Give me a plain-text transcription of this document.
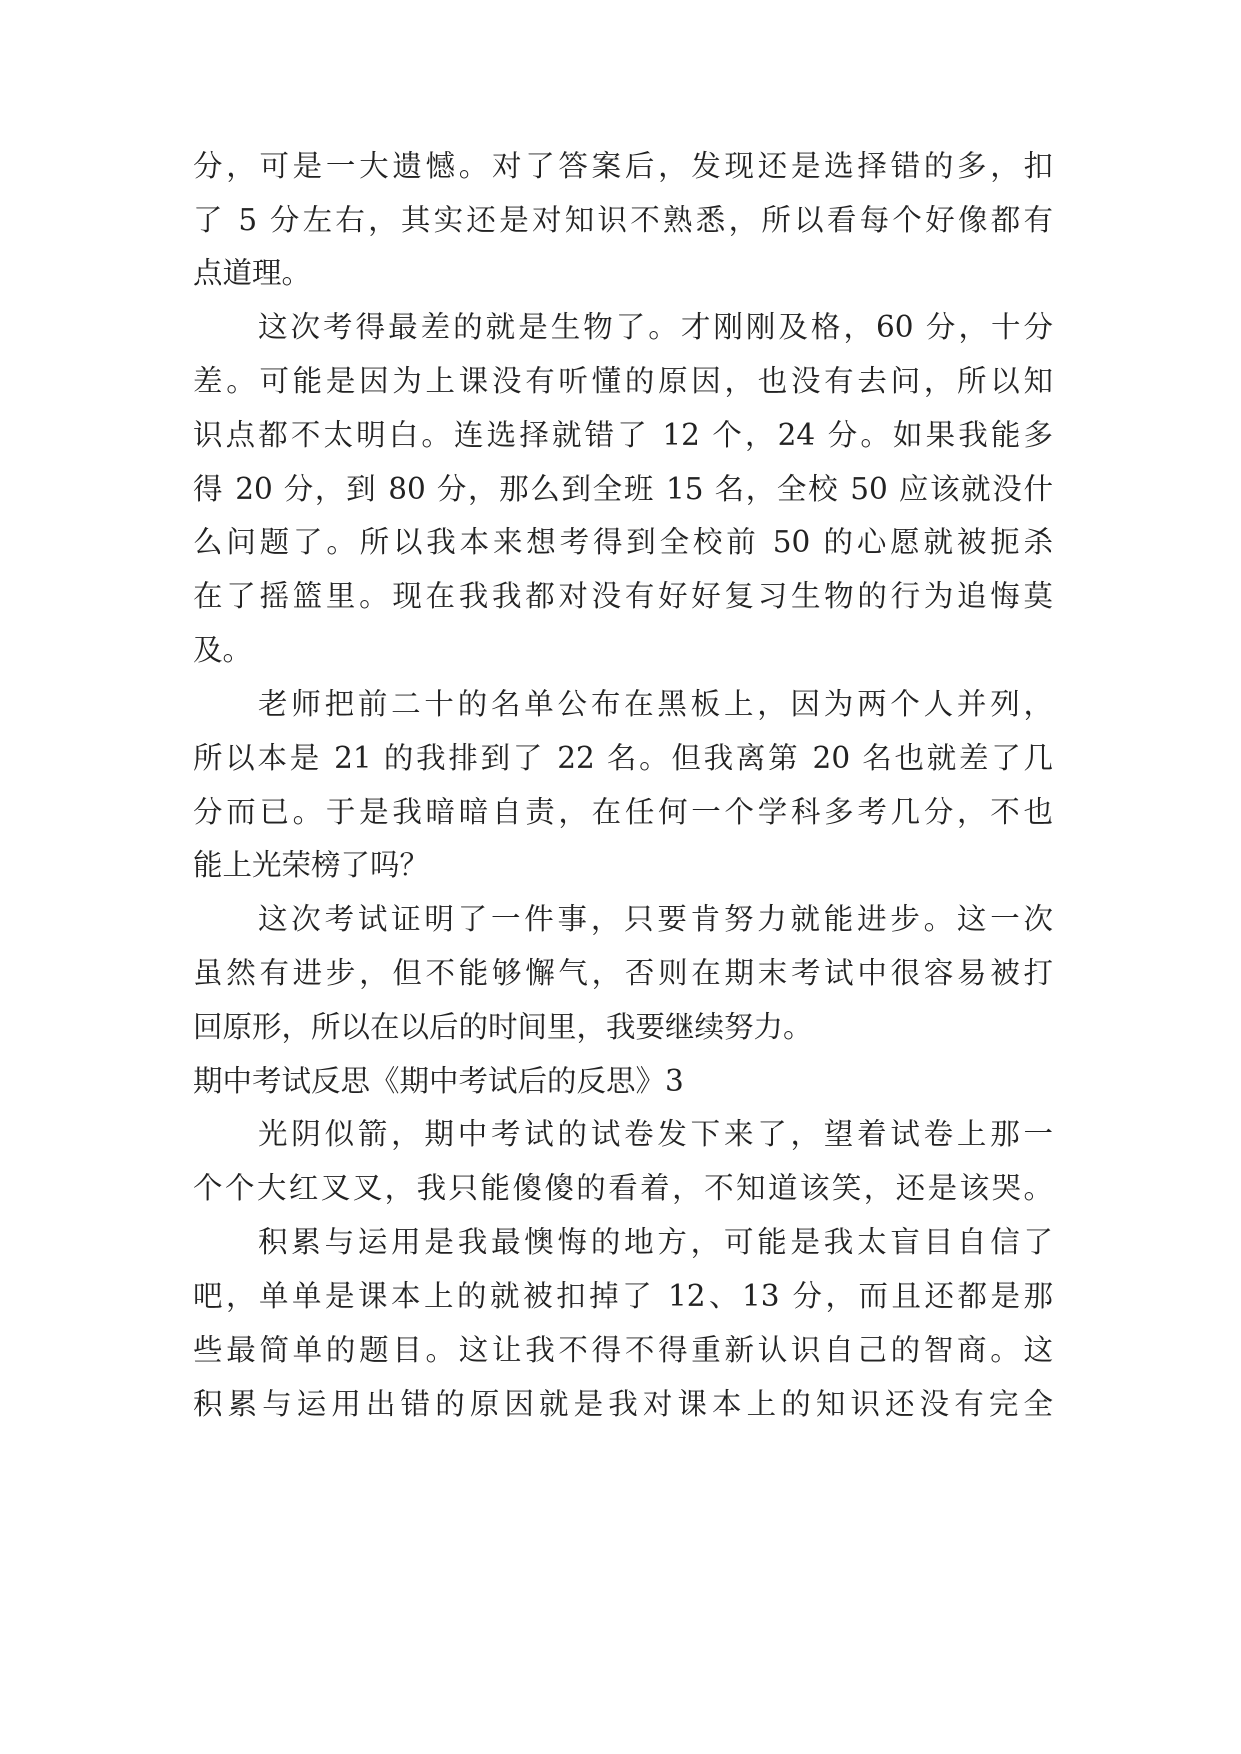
分，可是一大遗憾。对了答案后，发现还是选择错的多，扣

了 5 分左右，其实还是对知识不熟悉，所以看每个好像都有

点道理。

这次考得最差的就是生物了。才刚刚及格，60 分，十分

差。可能是因为上课没有听懂的原因，也没有去问，所以知

识点都不太明白。连选择就错了 12 个，24 分。如果我能多

得 20 分，到 80 分，那么到全班 15 名，全校 50 应该就没什

么问题了。所以我本来想考得到全校前 50 的心愿就被扼杀

在了摇篮里。现在我我都对没有好好复习生物的行为追悔莫

及。

老师把前二十的名单公布在黑板上，因为两个人并列，

所以本是 21 的我排到了 22 名。但我离第 20 名也就差了几

分而已。于是我暗暗自责，在任何一个学科多考几分，不也

能上光荣榜了吗？

这次考试证明了一件事，只要肯努力就能进步。这一次

虽然有进步，但不能够懈气，否则在期末考试中很容易被打

回原形，所以在以后的时间里，我要继续努力。

期中考试反思《期中考试后的反思》3

光阴似箭，期中考试的试卷发下来了，望着试卷上那一

个个大红叉叉，我只能傻傻的看着，不知道该笑，还是该哭。

积累与运用是我最懊悔的地方，可能是我太盲目自信了

吧，单单是课本上的就被扣掉了 12、13 分，而且还都是那

些最简单的题目。这让我不得不得重新认识自己的智商。这

积累与运用出错的原因就是我对课本上的知识还没有完全
